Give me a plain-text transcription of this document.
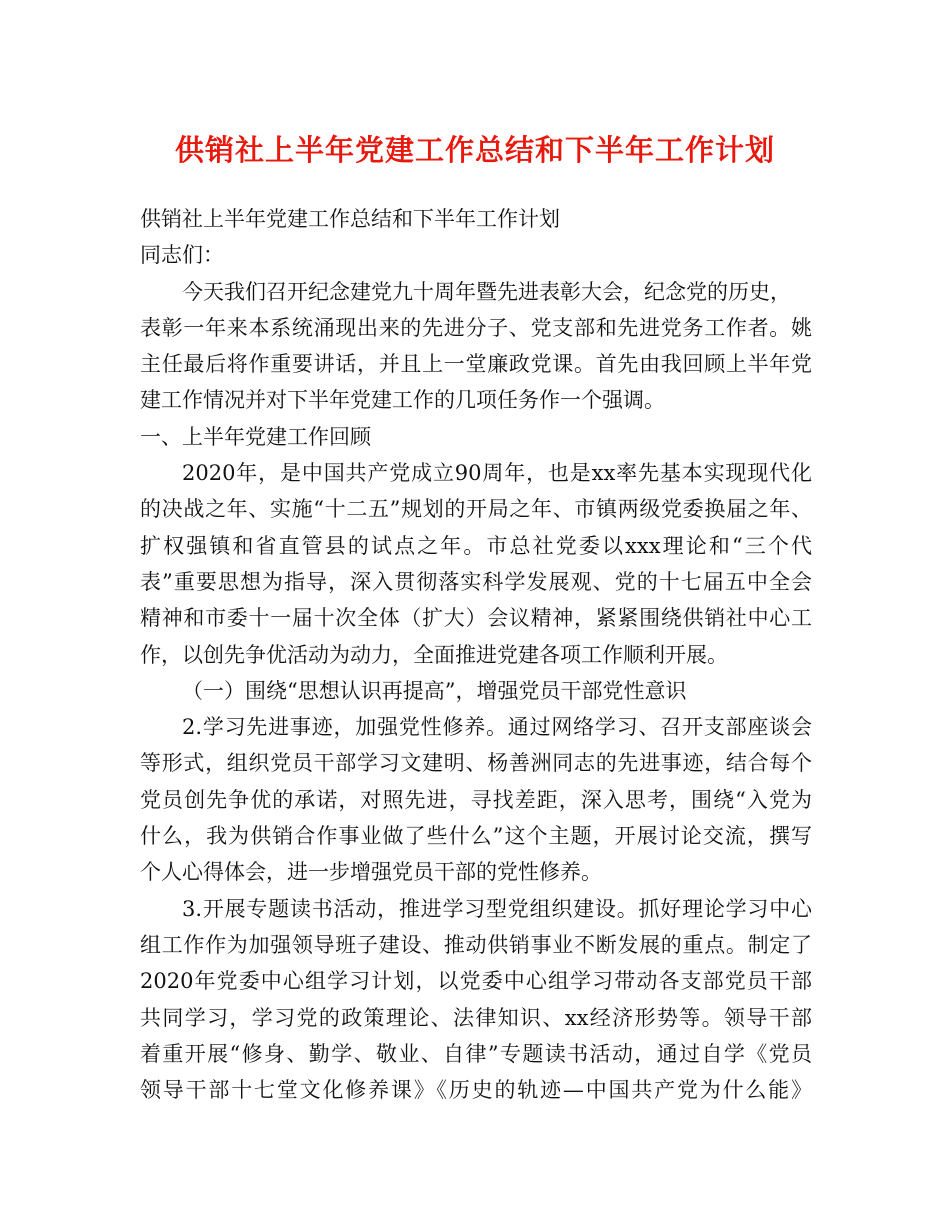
供销社上半年党建工作总结和下半年工作计划
供销社上半年党建工作总结和下半年工作计划
同志们：
今天我们召开纪念建党九十周年暨先进表彰大会，纪念党的历史，
表彰一年来本系统涌现出来的先进分子、党支部和先进党务工作者。姚
主任最后将作重要讲话，并且上一堂廉政党课。首先由我回顾上半年党
建工作情况并对下半年党建工作的几项任务作一个强调。
一、上半年党建工作回顾
2020年，是中国共产党成立90周年，也是xx率先基本实现现代化
的决战之年、实施“十二五”规划的开局之年、市镇两级党委换届之年、
扩权强镇和省直管县的试点之年。市总社党委以xxx理论和“三个代
表”重要思想为指导，深入贯彻落实科学发展观、党的十七届五中全会
精神和市委十一届十次全体（扩大）会议精神，紧紧围绕供销社中心工
作，以创先争优活动为动力，全面推进党建各项工作顺利开展。
（一）围绕“思想认识再提高”，增强党员干部党性意识
2.学习先进事迹，加强党性修养。通过网络学习、召开支部座谈会
等形式，组织党员干部学习文建明、杨善洲同志的先进事迹，结合每个
党员创先争优的承诺，对照先进，寻找差距，深入思考，围绕“入党为
什么，我为供销合作事业做了些什么”这个主题，开展讨论交流，撰写
个人心得体会，进一步增强党员干部的党性修养。
3.开展专题读书活动，推进学习型党组织建设。抓好理论学习中心
组工作作为加强领导班子建设、推动供销事业不断发展的重点。制定了
2020年党委中心组学习计划，以党委中心组学习带动各支部党员干部
共同学习，学习党的政策理论、法律知识、xx经济形势等。领导干部
着重开展“修身、勤学、敬业、自律”专题读书活动，通过自学《党员
领导干部十七堂文化修养课》《历史的轨迹—中国共产党为什么能》
